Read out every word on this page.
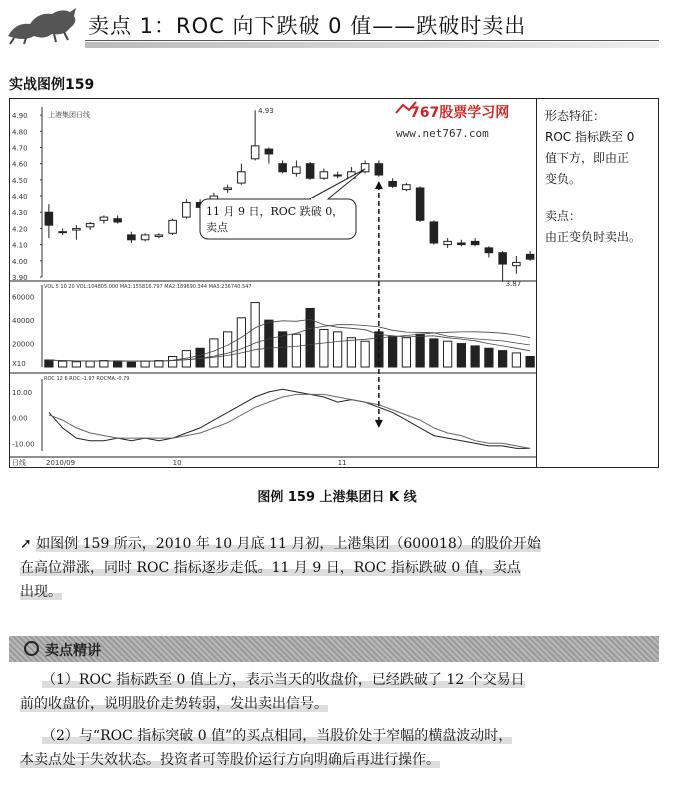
卖点 1：ROC 向下跌破 0 值——跌破时卖出
实战图例159
4.90
4.80
4.70
4.60
4.50
4.40
4.30
4.20
4.10
4.00
3.90
上港集团日线	4.93
3.87
767股票学习网
www.net767.com
11 月 9 日，ROC 跌破 0，
卖点
VOL 5 10 20 VOL:104805.000 MA1:155816.797 MA2:189690.344 MA3:236740.547
60000
40000
20000
X10
ROC 12 6 ROC:-1.97 ROCMA:-0.79
10.00
0.00
-10.00
日线	2010/09	10	11
形态特征：
ROC 指标跌至 0
值下方，即由正
变负。
卖点：
由正变负时卖出。
图例 159 上港集团日 K 线

➚ 如图例 159 所示，2010 年 10 月底 11 月初，上港集团（600018）的股价开始

在高位滞涨，同时 ROC 指标逐步走低。11 月 9 日，ROC 指标跌破 0 值，卖点

出现。

卖点精讲

（1）ROC 指标跌至 0 值上方，表示当天的收盘价，已经跌破了 12 个交易日

前的收盘价，说明股价走势转弱，发出卖出信号。

（2）与“ROC 指标突破 0 值”的买点相同，当股价处于窄幅的横盘波动时，

本卖点处于失效状态。投资者可等股价运行方向明确后再进行操作。
